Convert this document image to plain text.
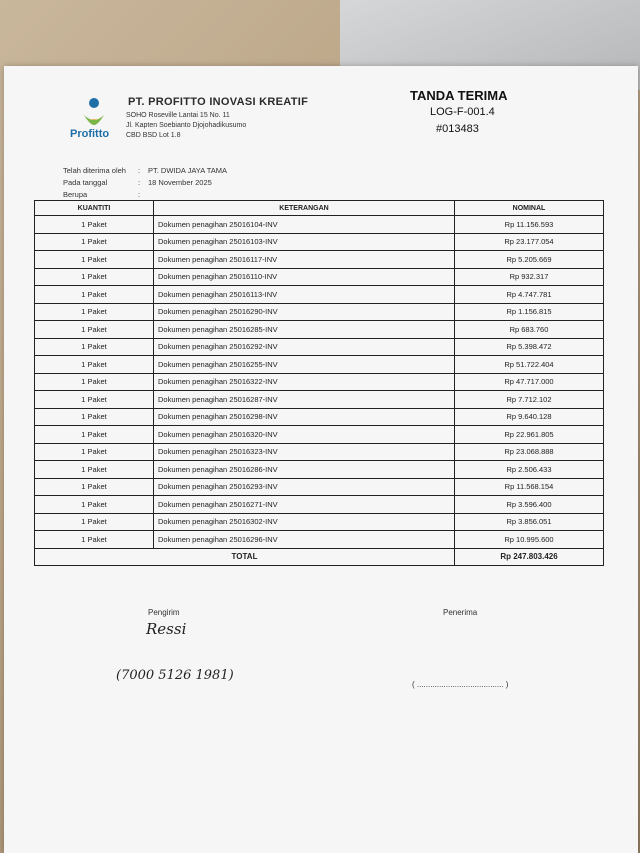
Profitto
PT. PROFITTO INOVASI KREATIF
SOHO Roseville Lantai 15 No. 11
Jl. Kapten Soebianto Djojohadikusumo
CBD BSD Lot 1.8
TANDA TERIMA
LOG-F-001.4
#013483
Telah diterima oleh : PT. DWIDA JAYA TAMA
Pada tanggal	: 18 November 2025
Berupa	:
KUANTITI	KETERANGAN	NOMINAL
1 Paket	Dokumen penagihan 25016104-INV	Rp 11.156.593
1 Paket	Dokumen penagihan 25016103-INV	Rp 23.177.054
1 Paket	Dokumen penagihan 25016117-INV	Rp 5.205.669
1 Paket	Dokumen penagihan 25016110-INV	Rp 932.317
1 Paket	Dokumen penagihan 25016113-INV	Rp 4.747.781
1 Paket	Dokumen penagihan 25016290-INV	Rp 1.156.815
1 Paket	Dokumen penagihan 25016285-INV	Rp 683.760
1 Paket	Dokumen penagihan 25016292-INV	Rp 5.398.472
1 Paket	Dokumen penagihan 25016255-INV	Rp 51.722.404
1 Paket	Dokumen penagihan 25016322-INV	Rp 47.717.000
1 Paket	Dokumen penagihan 25016287-INV	Rp 7.712.102
1 Paket	Dokumen penagihan 25016298-INV	Rp 9.640.128
1 Paket	Dokumen penagihan 25016320-INV	Rp 22.961.805
1 Paket	Dokumen penagihan 25016323-INV	Rp 23.068.888
1 Paket	Dokumen penagihan 25016286-INV	Rp 2.506.433
1 Paket	Dokumen penagihan 25016293-INV	Rp 11.568.154
1 Paket	Dokumen penagihan 25016271-INV	Rp 3.596.400
1 Paket	Dokumen penagihan 25016302-INV	Rp 3.856.051
1 Paket	Dokumen penagihan 25016296-INV	Rp 10.995.600
TOTAL		Rp 247.803.426
Pengirim	Penerima
Ressi
(7000 5126 1981)
( ....................................... )
